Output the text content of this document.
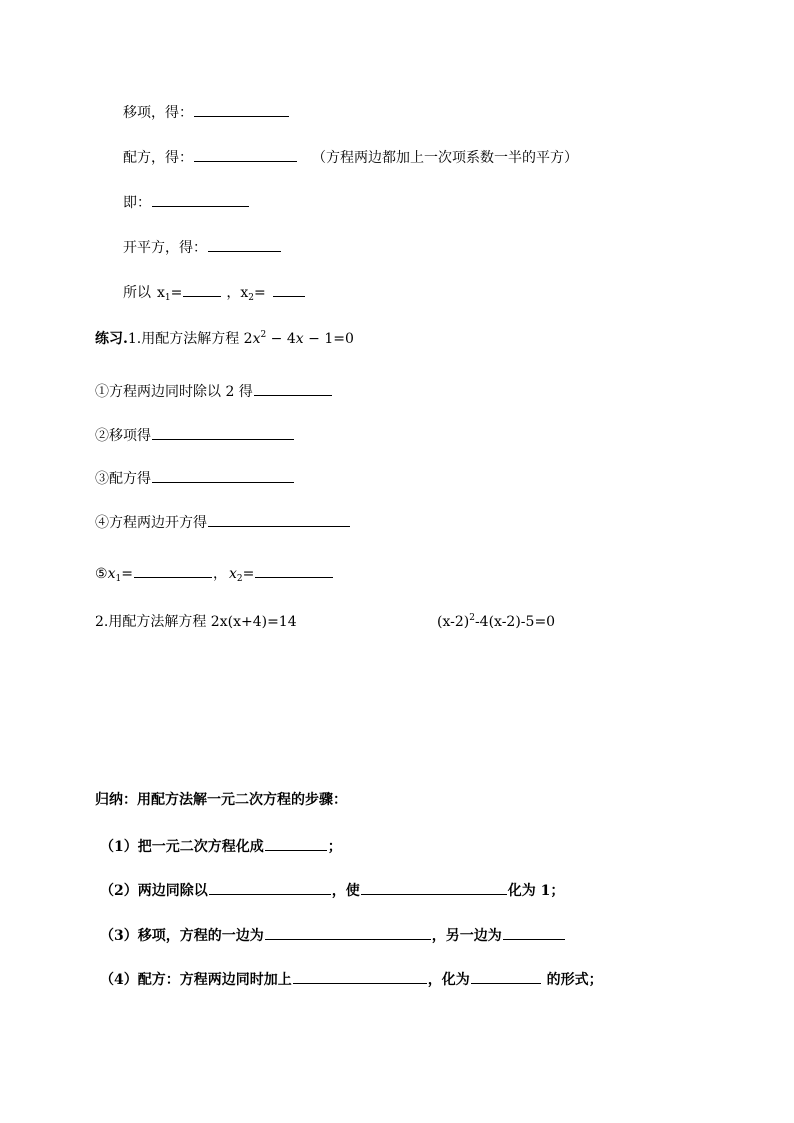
移项，得：
配方，得：	（方程两边都加上一次项系数一半的平方）
即：
开平方，得：
所以 $x_1=$	，$x_2=$
练习.1.用配方法解方程 $2x^2 - 4x - 1=0$
①方程两边同时除以 2 得
②移项得
③配方得
④方程两边开方得
$⑤x_1=$	， $x_2=$
2.用配方法解方程 2x(x+4)=14	$(x-2)^2-4(x-2)-5=0$
归纳：用配方法解一元二次方程的步骤：
（1）把一元二次方程化成	；
（2）两边同除以	，使	化为 1；
（3）移项，方程的一边为	，另一边为
（4）配方：方程两边同时加上	，化为	的形式；
